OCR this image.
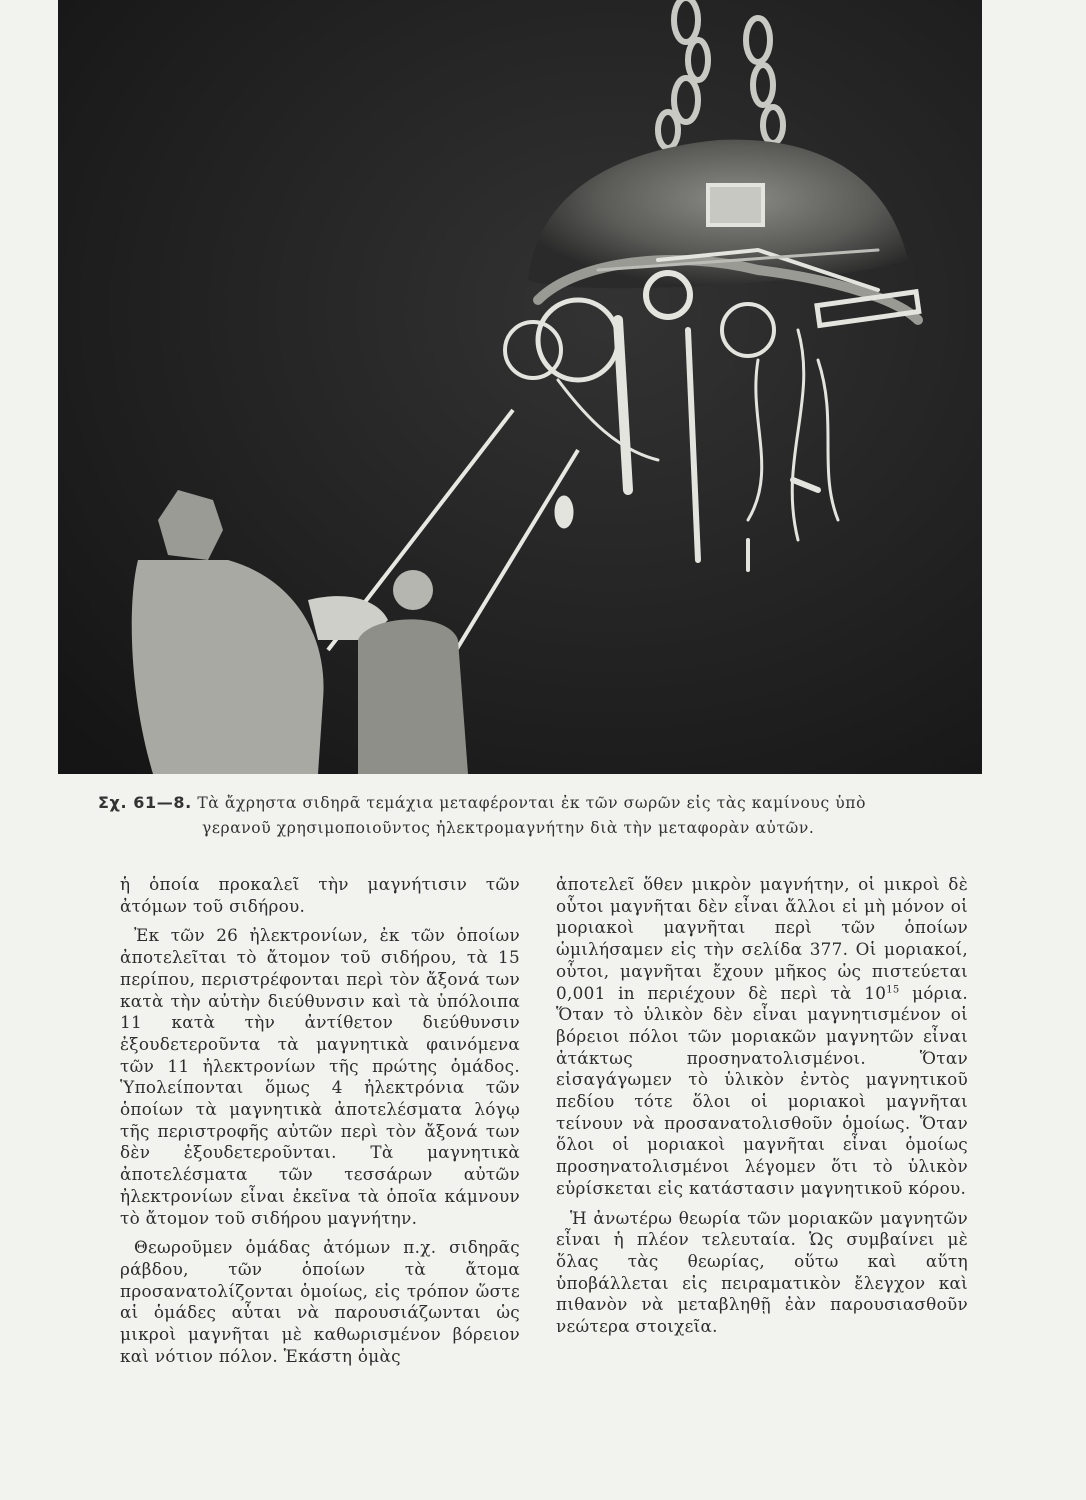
Σχ. 61—8. Τὰ ἄχρηστα σιδηρᾶ τεμάχια μεταφέρονται ἐκ τῶν σωρῶν εἰς τὰς καμίνους ὑπὸ
γερανοῦ χρησιμοποιοῦντος ἠλεκτρομαγνήτην διὰ τὴν μεταφορὰν αὐτῶν.

ἡ ὁποία προκαλεῖ τὴν μαγνήτισιν τῶν ἀτόμων τοῦ σιδήρου.

Ἐκ τῶν 26 ἠλεκτρονίων, ἐκ τῶν ὁποίων ἀποτελεῖται τὸ ἄτομον τοῦ σιδήρου, τὰ 15 περίπου, περιστρέφονται περὶ τὸν ἄξονά των κατὰ τὴν αὐτὴν διεύθυνσιν καὶ τὰ ὑπόλοιπα 11 κατὰ τὴν ἀντίθετον διεύθυνσιν ἐξουδετεροῦντα τὰ μαγνητικὰ φαινόμενα τῶν 11 ἠλεκτρονίων τῆς πρώτης ὁμάδος. Ὑπολείπονται ὅμως 4 ἠλεκτρόνια τῶν ὁποίων τὰ μαγνητικὰ ἀποτελέσματα λόγῳ τῆς περιστροφῆς αὐτῶν περὶ τὸν ἄξονά των δὲν ἐξουδετεροῦνται. Τὰ μαγνητικὰ ἀποτελέσματα τῶν τεσσάρων αὐτῶν ἠλεκτρονίων εἶναι ἐκεῖνα τὰ ὁποῖα κάμνουν τὸ ἄτομον τοῦ σιδήρου μαγνήτην.

Θεωροῦμεν ὁμάδας ἀτόμων π.χ. σιδηρᾶς ράβδου, τῶν ὁποίων τὰ ἄτομα προσανατολίζονται ὁμοίως, εἰς τρόπον ὥστε αἱ ὁμάδες αὗται νὰ παρουσιάζωνται ὡς μικροὶ μαγνῆται μὲ καθωρισμένον βόρειον καὶ νότιον πόλον. Ἑκάστη ὁμὰς

ἀποτελεῖ ὅθεν μικρὸν μαγνήτην, οἱ μικροὶ δὲ οὗτοι μαγνῆται δὲν εἶναι ἄλλοι εἰ μὴ μόνον οἱ μοριακοὶ μαγνῆται περὶ τῶν ὁποίων ὡμιλήσαμεν εἰς τὴν σελίδα 377. Οἱ μοριακοί, οὗτοι, μαγνῆται ἔχουν μῆκος ὡς πιστεύεται 0,001 in περιέχουν δὲ περὶ τὰ $10^{15}$ μόρια. Ὅταν τὸ ὑλικὸν δὲν εἶναι μαγνητισμένον οἱ βόρειοι πόλοι τῶν μοριακῶν μαγνητῶν εἶναι ἀτάκτως προσηνατολισμένοι. Ὅταν εἰσαγάγωμεν τὸ ὑλικὸν ἐντὸς μαγνητικοῦ πεδίου τότε ὅλοι οἱ μοριακοὶ μαγνῆται τείνουν νὰ προσανατολισθοῦν ὁμοίως. Ὅταν ὅλοι οἱ μοριακοὶ μαγνῆται εἶναι ὁμοίως προσηνατολισμένοι λέγομεν ὅτι τὸ ὑλικὸν εὑρίσκεται εἰς κατάστασιν μαγνητικοῦ κόρου.

Ἡ ἀνωτέρω θεωρία τῶν μοριακῶν μαγνητῶν εἶναι ἡ πλέον τελευταία. Ὡς συμβαίνει μὲ ὅλας τὰς θεωρίας, οὕτω καὶ αὕτη ὑποβάλλεται εἰς πειραματικὸν ἔλεγχον καὶ πιθανὸν νὰ μεταβληθῇ ἐὰν παρουσιασθοῦν νεώτερα στοιχεῖα.
